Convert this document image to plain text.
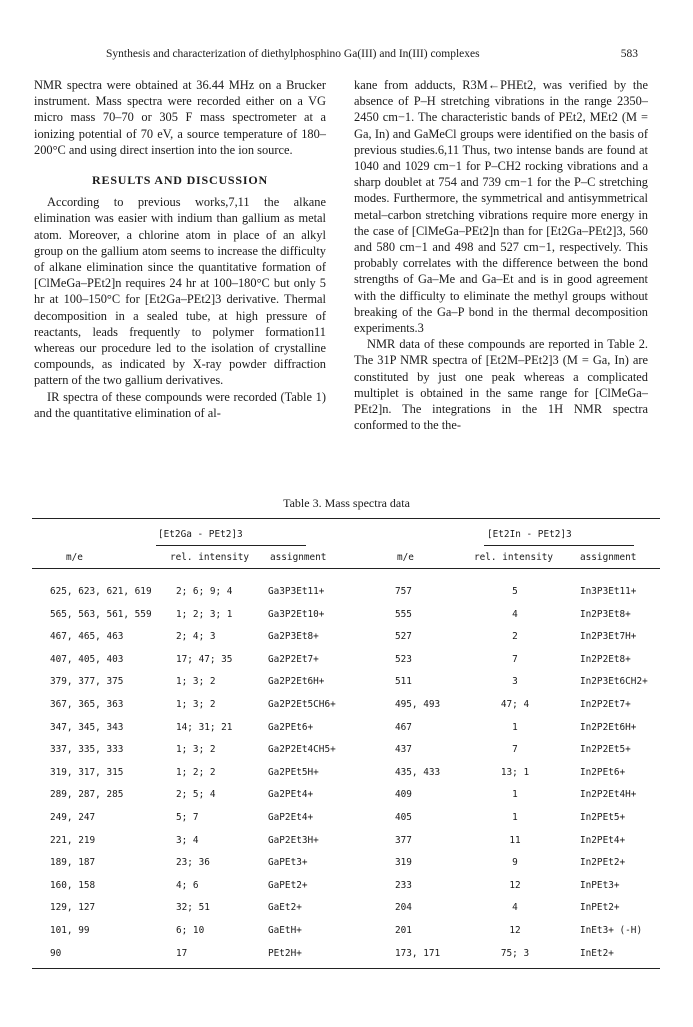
Synthesis and characterization of diethylphosphino Ga(III) and In(III) complexes	583

NMR spectra were obtained at 36.44 MHz on a Brucker instrument. Mass spectra were recorded either on a VG micro mass 70–70 or 305 F mass spectrometer at a ionizing potential of 70 eV, a source temperature of 180–200°C and using direct insertion into the ion source.

RESULTS AND DISCUSSION

According to previous works,7,11 the alkane elimination was easier with indium than gallium as metal atom. Moreover, a chlorine atom in place of an alkyl group on the gallium atom seems to increase the difficulty of alkane elimination since the quantitative formation of [ClMeGa–PEt2]n requires 24 hr at 100–180°C but only 5 hr at 100–150°C for [Et2Ga–PEt2]3 derivative. Thermal decomposition in a sealed tube, at high pressure of reactants, leads frequently to polymer formation11 whereas our procedure led to the isolation of crystalline compounds, as indicated by X-ray powder diffraction pattern of the two gallium derivatives.

IR spectra of these compounds were recorded (Table 1) and the quantitative elimination of al-

kane from adducts, R3M←PHEt2, was verified by the absence of P–H stretching vibrations in the range 2350–2450 cm−1. The characteristic bands of PEt2, MEt2 (M = Ga, In) and GaMeCl groups were identified on the basis of previous studies.6,11 Thus, two intense bands are found at 1040 and 1029 cm−1 for P–CH2 rocking vibrations and a sharp doublet at 754 and 739 cm−1 for the P–C stretching modes. Furthermore, the symmetrical and antisymmetrical metal–carbon stretching vibrations require more energy in the case of [ClMeGa–PEt2]n than for [Et2Ga–PEt2]3, 560 and 580 cm−1 and 498 and 527 cm−1, respectively. This probably correlates with the difference between the bond strengths of Ga–Me and Ga–Et and is in good agreement with the difficulty to eliminate the methyl groups without breaking of the Ga–P bond in the thermal decomposition experiments.3

NMR data of these compounds are reported in Table 2. The 31P NMR spectra of [Et2M–PEt2]3 (M = Ga, In) are constituted by just one peak whereas a complicated multiplet is obtained in the same range for [ClMeGa–PEt2]n. The integrations in the 1H NMR spectra conformed to the the-

Table 3. Mass spectra data
[Et2Ga - PEt2]3	[Et2In - PEt2]3
m/e	rel. intensity assignment	m/e	rel. intensity	assignment
625, 623, 621, 619	2; 6; 9; 4	Ga3P3Et11+	757	5	In3P3Et11+
565, 563, 561, 559	1; 2; 3; 1	Ga3P2Et10+	555	4	In2P3Et8+
467, 465, 463	2; 4; 3	Ga2P3Et8+	527	2	In2P3Et7H+
407, 405, 403	17; 47; 35	Ga2P2Et7+	523	7	In2P2Et8+
379, 377, 375	1; 3; 2	Ga2P2Et6H+	511	3	In2P3Et6CH2+
367, 365, 363	1; 3; 2	Ga2P2Et5CH6+	495, 493	47; 4	In2P2Et7+
347, 345, 343	14; 31; 21	Ga2PEt6+	467	1	In2P2Et6H+
337, 335, 333	1; 3; 2	Ga2P2Et4CH5+	437	7	In2P2Et5+
319, 317, 315	1; 2; 2	Ga2PEt5H+	435, 433	13; 1	In2PEt6+
289, 287, 285	2; 5; 4	Ga2PEt4+	409	1	In2P2Et4H+
249, 247	5; 7	GaP2Et4+	405	1	In2PEt5+
221, 219	3; 4	GaP2Et3H+	377	11	In2PEt4+
189, 187	23; 36	GaPEt3+	319	9	In2PEt2+
160, 158	4; 6	GaPEt2+	233	12	InPEt3+
129, 127	32; 51	GaEt2+	204	4	InPEt2+
101, 99	6; 10	GaEtH+	201	12	InEt3+ (-H)
90	17	PEt2H+	173, 171	75; 3	InEt2+
